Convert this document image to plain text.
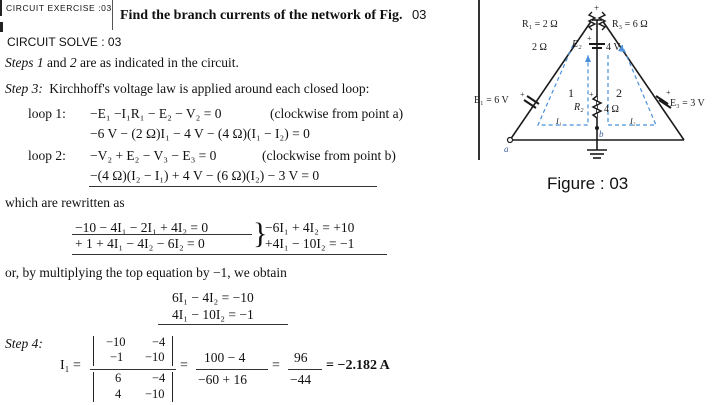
CIRCUIT EXERCISE :03 Find the branch currents of the network of Fig. 03
CIRCUIT SOLVE : 03
Steps 1 and 2 are as indicated in the circuit.
Step 3: Kirchhoff's voltage law is applied around each closed loop:
loop 1: −E₁ −I₁R₁ − E₂ − V₂ = 0	(clockwise from point a)
−6 V − (2 Ω)I₁ − 4 V − (4 Ω)(I₁ − I₂) = 0
loop 2: −V₂ + E₂ − V₃ − E₃ = 0	(clockwise from point b)
−(4 Ω)(I₂ − I₁) + 4 V − (6 Ω)(I₂) − 3 V = 0
which are rewritten as
−10 − 4I₁ − 2I₁ + 4I₂ = 0
+ 1 + 4I₁ − 4I₂ − 6I₂ = 0 }
−6I₁ + 4I₂ = +10
+4I₁ − 10I₂ = −1
or, by multiplying the top equation by −1, we obtain
6I₁ − 4I₂ = −10
4I₁ − 10I₂ = −1
Step 4:
I₁ =
−10 −4
−1 −10
6 −4
4 −10
=
100 − 4
−60 + 16
=
96
−44
= −2.182 A
R₁ = 2 Ω	R₃ = 6 Ω
2 Ω	E₂ 4 V
E₁ = 6 V	E₃ = 3 V
R₂ 4 Ω
1	2
I₁	I₂
a
b
+
+
+
+	+
Figure : 03
